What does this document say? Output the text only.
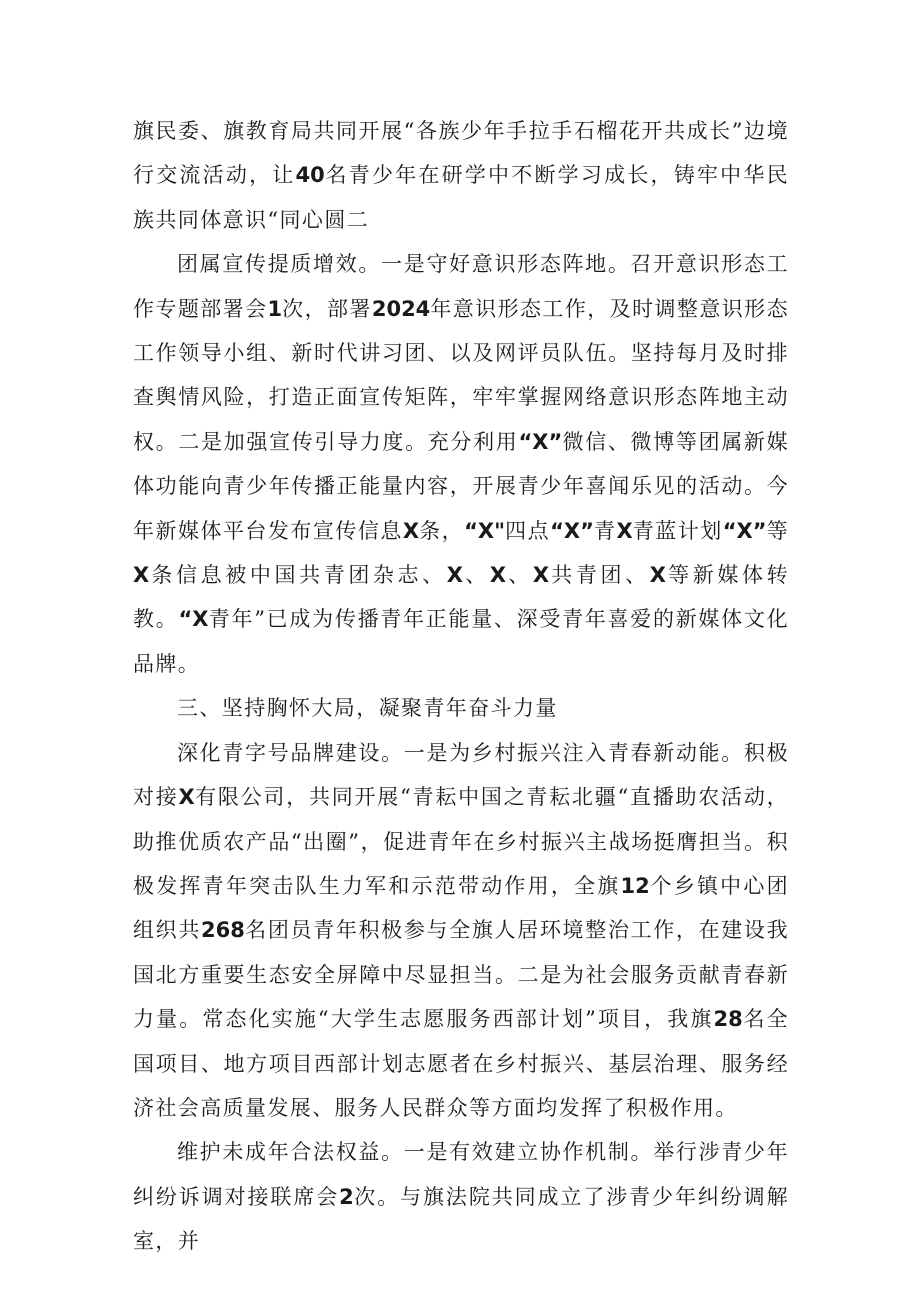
旗民委、旗教育局共同开展“各族少年手拉手石榴花开共成长”边境行交流活动，让40名青少年在研学中不断学习成长，铸牢中华民族共同体意识“同心圆二

团属宣传提质增效。一是守好意识形态阵地。召开意识形态工作专题部署会1次，部署2024年意识形态工作，及时调整意识形态工作领导小组、新时代讲习团、以及网评员队伍。坚持每月及时排查舆情风险，打造正面宣传矩阵，牢牢掌握网络意识形态阵地主动权。二是加强宣传引导力度。充分利用“X”微信、微博等团属新媒体功能向青少年传播正能量内容，开展青少年喜闻乐见的活动。今年新媒体平台发布宣传信息X条，“X"四点“X”青X青蓝计划“X”等X条信息被中国共青团杂志、X、X、X共青团、X等新媒体转教。“X青年”已成为传播青年正能量、深受青年喜爱的新媒体文化品牌。

三、坚持胸怀大局，凝聚青年奋斗力量

深化青字号品牌建设。一是为乡村振兴注入青春新动能。积极对接X有限公司，共同开展“青耘中国之青耘北疆“直播助农活动，助推优质农产品“出圈”，促进青年在乡村振兴主战场挺膺担当。积极发挥青年突击队生力军和示范带动作用，全旗12个乡镇中心团组织共268名团员青年积极参与全旗人居环境整治工作，在建设我国北方重要生态安全屏障中尽显担当。二是为社会服务贡献青春新力量。常态化实施“大学生志愿服务西部计划”项目，我旗28名全国项目、地方项目西部计划志愿者在乡村振兴、基层治理、服务经济社会高质量发展、服务人民群众等方面均发挥了积极作用。

维护未成年合法权益。一是有效建立协作机制。举行涉青少年纠纷诉调对接联席会2次。与旗法院共同成立了涉青少年纠纷调解室，并
